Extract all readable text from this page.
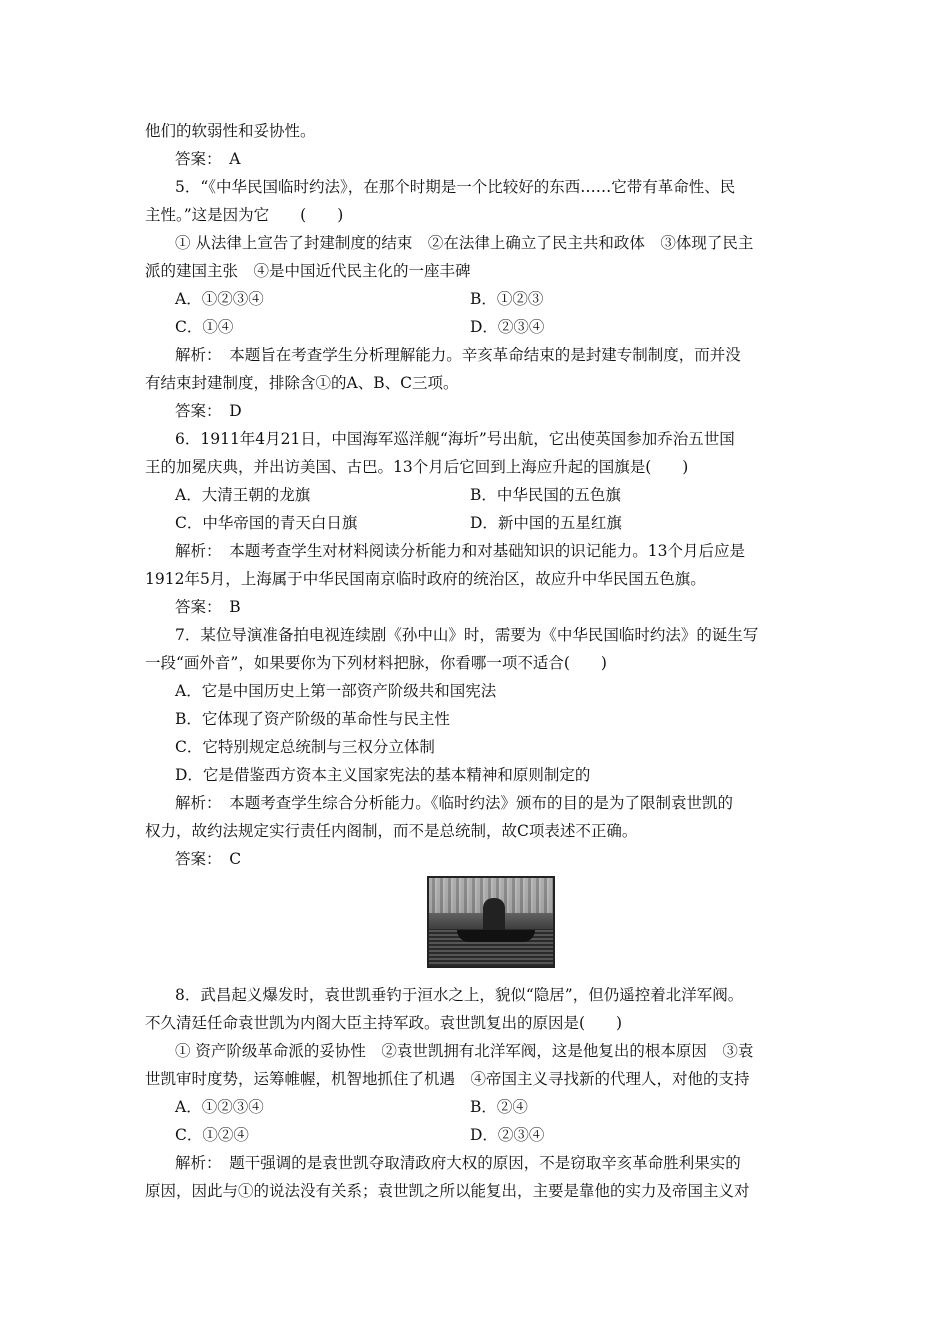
他们的软弱性和妥协性。
答案：　A
5．“《中华民国临时约法》，在那个时期是一个比较好的东西……它带有革命性、民
主性。”这是因为它　　(　　)
① 从法律上宣告了封建制度的结束　②在法律上确立了民主共和政体　③体现了民主
派的建国主张　④是中国近代民主化的一座丰碑
A．①②③④	B．①②③
C．①④	D．②③④
解析：　本题旨在考查学生分析理解能力。辛亥革命结束的是封建专制制度，而并没
有结束封建制度，排除含①的A、B、C三项。
答案：　D
6．1911年4月21日，中国海军巡洋舰“海圻”号出航，它出使英国参加乔治五世国
王的加冕庆典，并出访美国、古巴。13个月后它回到上海应升起的国旗是(　　)
A．大清王朝的龙旗	B．中华民国的五色旗
C．中华帝国的青天白日旗	D．新中国的五星红旗
解析：　本题考查学生对材料阅读分析能力和对基础知识的识记能力。13个月后应是
1912年5月，上海属于中华民国南京临时政府的统治区，故应升中华民国五色旗。
答案：　B
7．某位导演准备拍电视连续剧《孙中山》时，需要为《中华民国临时约法》的诞生写
一段“画外音”，如果要你为下列材料把脉，你看哪一项不适合(　　)
A．它是中国历史上第一部资产阶级共和国宪法
B．它体现了资产阶级的革命性与民主性
C．它特别规定总统制与三权分立体制
D．它是借鉴西方资本主义国家宪法的基本精神和原则制定的
解析：　本题考查学生综合分析能力。《临时约法》颁布的目的是为了限制袁世凯的
权力，故约法规定实行责任内阁制，而不是总统制，故C项表述不正确。
答案：　C
8．武昌起义爆发时，袁世凯垂钓于洹水之上，貌似“隐居”，但仍遥控着北洋军阀。
不久清廷任命袁世凯为内阁大臣主持军政。袁世凯复出的原因是(　　)
① 资产阶级革命派的妥协性　②袁世凯拥有北洋军阀，这是他复出的根本原因　③袁
世凯审时度势，运筹帷幄，机智地抓住了机遇　④帝国主义寻找新的代理人，对他的支持
A．①②③④	B．②④
C．①②④	D．②③④
解析：　题干强调的是袁世凯夺取清政府大权的原因，不是窃取辛亥革命胜利果实的
原因，因此与①的说法没有关系；袁世凯之所以能复出，主要是靠他的实力及帝国主义对
